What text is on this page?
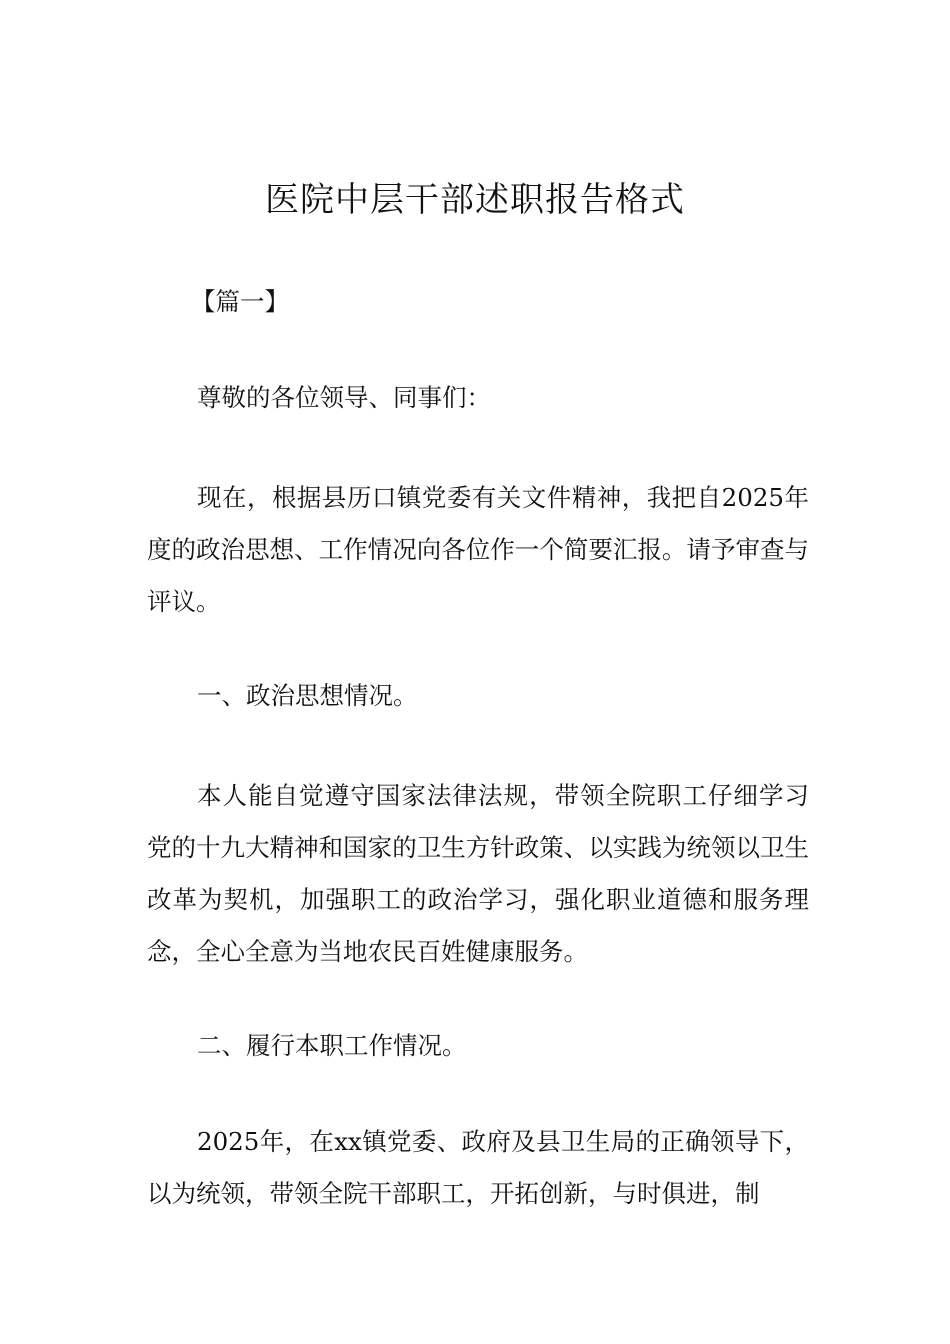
医院中层干部述职报告格式

【篇一】

尊敬的各位领导、同事们：

现在，根据县历口镇党委有关文件精神，我把自2025年度的政治思想、工作情况向各位作一个简要汇报。请予审查与评议。

一、政治思想情况。

本人能自觉遵守国家法律法规，带领全院职工仔细学习党的十九大精神和国家的卫生方针政策、以实践为统领以卫生改革为契机，加强职工的政治学习，强化职业道德和服务理念，全心全意为当地农民百姓健康服务。

二、履行本职工作情况。

2025年，在xx镇党委、政府及县卫生局的正确领导下，以为统领，带领全院干部职工，开拓创新，与时俱进，制
